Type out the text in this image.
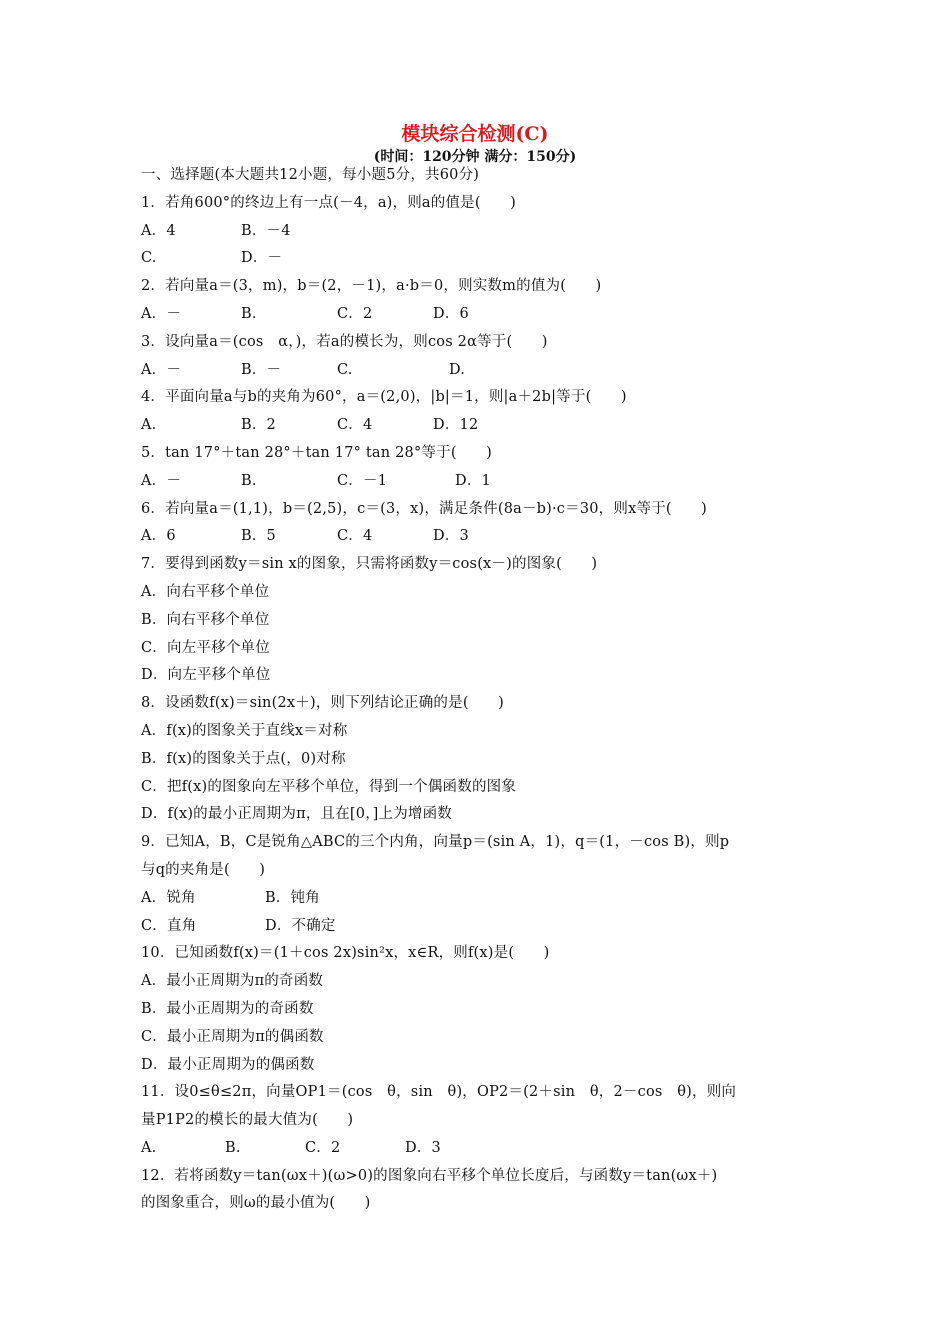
模块综合检测(C)
(时间：120分钟 满分：150分)
一、选择题(本大题共12小题，每小题5分，共60分)
1．若角600°的终边上有一点(－4，a)，则a的值是(　　)
A．4	B．－4
C.	D．－
2．若向量a＝(3，m)，b＝(2，－1)，a·b＝0，则实数m的值为(　　)
A．－	B.	C．2	D．6
3．设向量a＝(cos　α，)，若a的模长为，则cos 2α等于(　　)
A．－	B．－	C.	D.
4．平面向量a与b的夹角为60°，a＝(2,0)，|b|＝1，则|a＋2b|等于(　　)
A.	B．2	C．4	D．12
5．tan 17°＋tan 28°＋tan 17° tan 28°等于(　　)
A．－	B.	C．－1	D．1
6．若向量a＝(1,1)，b＝(2,5)，c＝(3，x)，满足条件(8a－b)·c＝30，则x等于(　　)
A．6	B．5	C．4	D．3
7．要得到函数y＝sin x的图象，只需将函数y＝cos(x－)的图象(　　)
A．向右平移个单位
B．向右平移个单位
C．向左平移个单位
D．向左平移个单位
8．设函数f(x)＝sin(2x＋)，则下列结论正确的是(　　)
A．f(x)的图象关于直线x＝对称
B．f(x)的图象关于点(，0)对称
C．把f(x)的图象向左平移个单位，得到一个偶函数的图象
D．f(x)的最小正周期为π，且在[0，]上为增函数
9．已知A，B，C是锐角△ABC的三个内角，向量p＝(sin A，1)，q＝(1，－cos B)，则p
与q的夹角是(　　)
A．锐角	B．钝角
C．直角	D．不确定
10．已知函数f(x)＝(1＋cos 2x)sin²x，x∈R，则f(x)是(　　)
A．最小正周期为π的奇函数
B．最小正周期为的奇函数
C．最小正周期为π的偶函数
D．最小正周期为的偶函数
11．设0≤θ≤2π，向量OP1＝(cos　θ，sin　θ)，OP2＝(2＋sin　θ，2－cos　θ)，则向
量P1P2的模长的最大值为(　　)
A.	B.	C．2	D．3
12．若将函数y＝tan(ωx＋)(ω>0)的图象向右平移个单位长度后，与函数y＝tan(ωx＋)
的图象重合，则ω的最小值为(　　)
